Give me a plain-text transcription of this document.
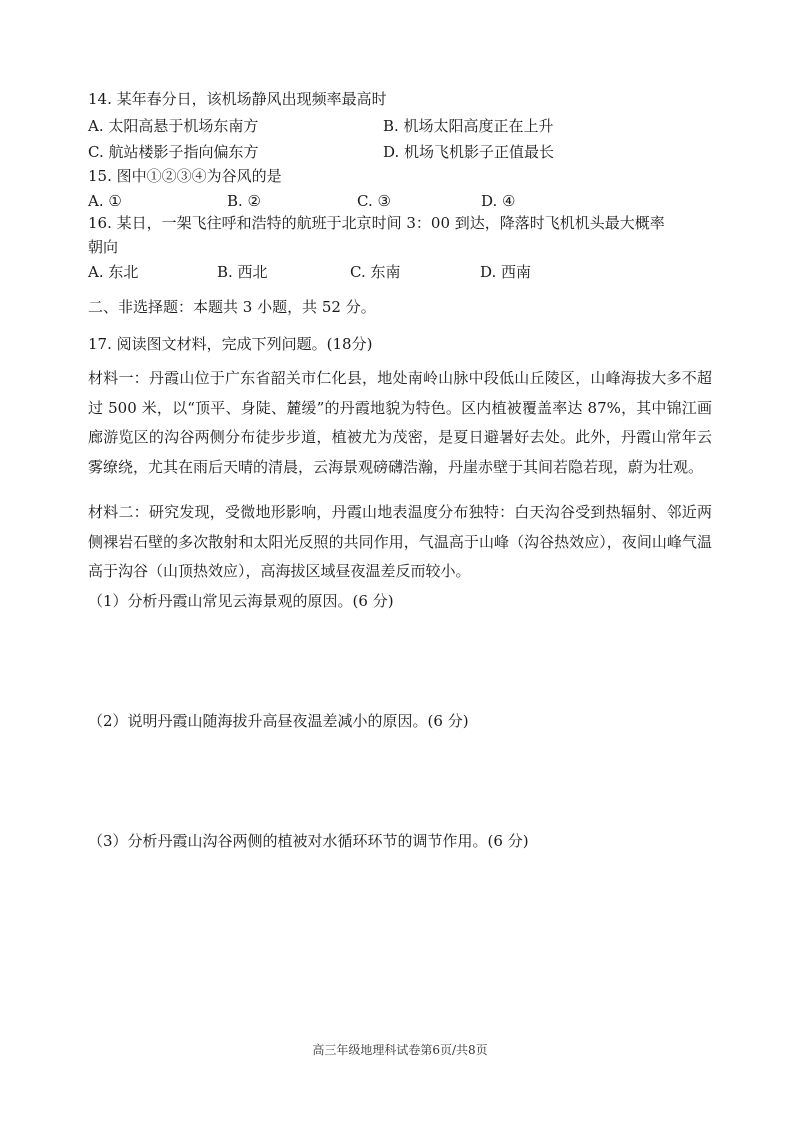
14. 某年春分日，该机场静风出现频率最高时
A. 太阳高悬于机场东南方	B. 机场太阳高度正在上升
C. 航站楼影子指向偏东方	D. 机场飞机影子正值最长
15. 图中①②③④为谷风的是
A. ①	B. ②	C. ③	D. ④
16. 某日，一架飞往呼和浩特的航班于北京时间 3：00 到达，降落时飞机机头最大概率
朝向
A. 东北	B. 西北	C. 东南	D. 西南
二、非选择题：本题共 3 小题，共 52 分。
17. 阅读图文材料，完成下列问题。(18分)
材料一：丹霞山位于广东省韶关市仁化县，地处南岭山脉中段低山丘陵区，山峰海拔大多不超过 500 米，以“顶平、身陡、麓缓”的丹霞地貌为特色。区内植被覆盖率达 87%，其中锦江画廊游览区的沟谷两侧分布徒步步道，植被尤为茂密，是夏日避暑好去处。此外，丹霞山常年云雾缭绕，尤其在雨后天晴的清晨，云海景观磅礴浩瀚，丹崖赤壁于其间若隐若现，蔚为壮观。
材料二：研究发现，受微地形影响，丹霞山地表温度分布独特：白天沟谷受到热辐射、邻近两侧裸岩石壁的多次散射和太阳光反照的共同作用，气温高于山峰（沟谷热效应），夜间山峰气温高于沟谷（山顶热效应），高海拔区域昼夜温差反而较小。
（1）分析丹霞山常见云海景观的原因。(6 分)
（2）说明丹霞山随海拔升高昼夜温差减小的原因。(6 分)
（3）分析丹霞山沟谷两侧的植被对水循环环节的调节作用。(6 分)
高三年级地理科试卷第6页/共8页
